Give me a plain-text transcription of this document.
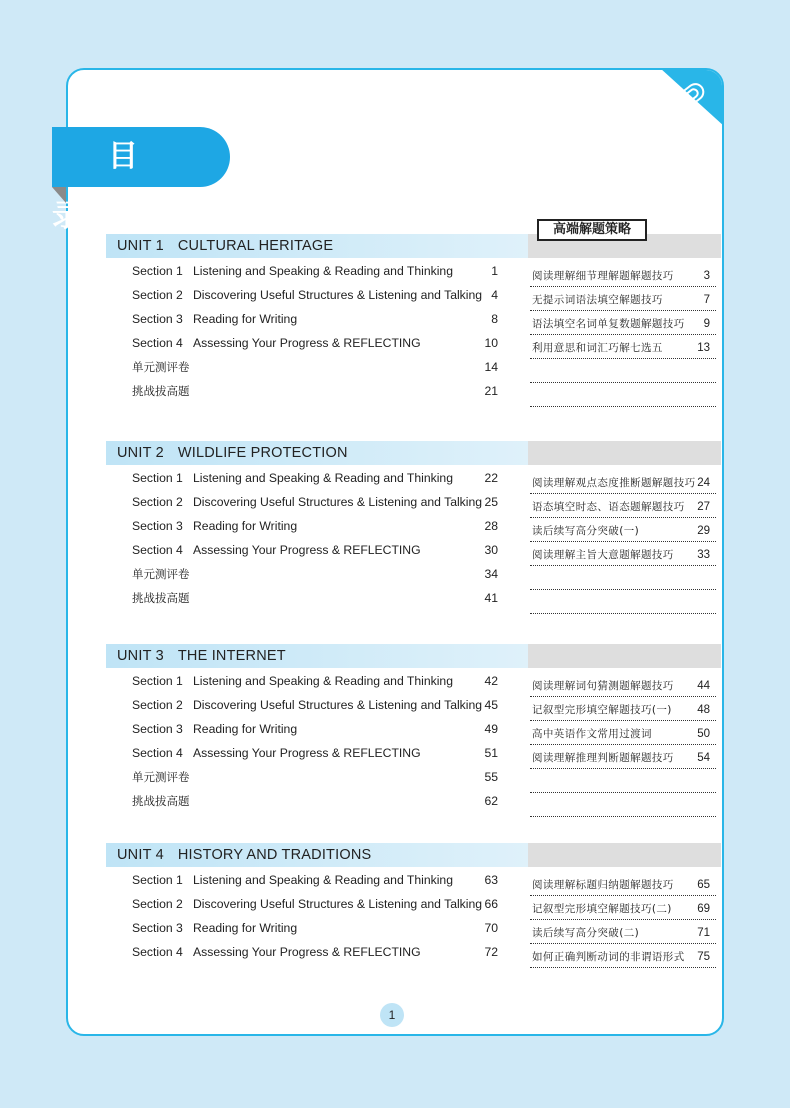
目 录	高端解题策略
UNIT 1 CULTURAL HERITAGE
Section 1 Listening and Speaking & Reading and Thinking	1
Section 2 Discovering Useful Structures & Listening and Talking 4
Section 3 Reading for Writing	8
Section 4 Assessing Your Progress & REFLECTING	10
单元测评卷	14
挑战拔高题	21
阅读理解细节理解题解题技巧	3
无提示词语法填空解题技巧	7
语法填空名词单复数题解题技巧 9
利用意思和词汇巧解七选五	13
UNIT 2 WILDLIFE PROTECTION
Section 1 Listening and Speaking & Reading and Thinking	22
Section 2 Discovering Useful Structures & Listening and Talking 25
Section 3 Reading for Writing	28
Section 4 Assessing Your Progress & REFLECTING	30
单元测评卷	34
挑战拔高题	41
阅读理解观点态度推断题解题技巧 24
语态填空时态、语态题解题技巧 27
读后续写高分突破(一)	29
阅读理解主旨大意题解题技巧 33
UNIT 3 THE INTERNET
Section 1 Listening and Speaking & Reading and Thinking	42
Section 2 Discovering Useful Structures & Listening and Talking 45
Section 3 Reading for Writing	49
Section 4 Assessing Your Progress & REFLECTING	51
单元测评卷	55
挑战拔高题	62
阅读理解词句猜测题解题技巧 44
记叙型完形填空解题技巧(一) 48
高中英语作文常用过渡词	50
阅读理解推理判断题解题技巧 54
UNIT 4 HISTORY AND TRADITIONS
Section 1 Listening and Speaking & Reading and Thinking	63
Section 2 Discovering Useful Structures & Listening and Talking 66
Section 3 Reading for Writing	70
Section 4 Assessing Your Progress & REFLECTING	72
阅读理解标题归纳题解题技巧 65
记叙型完形填空解题技巧(二) 69
读后续写高分突破(二)	71
如何正确判断动词的非谓语形式 75
1
